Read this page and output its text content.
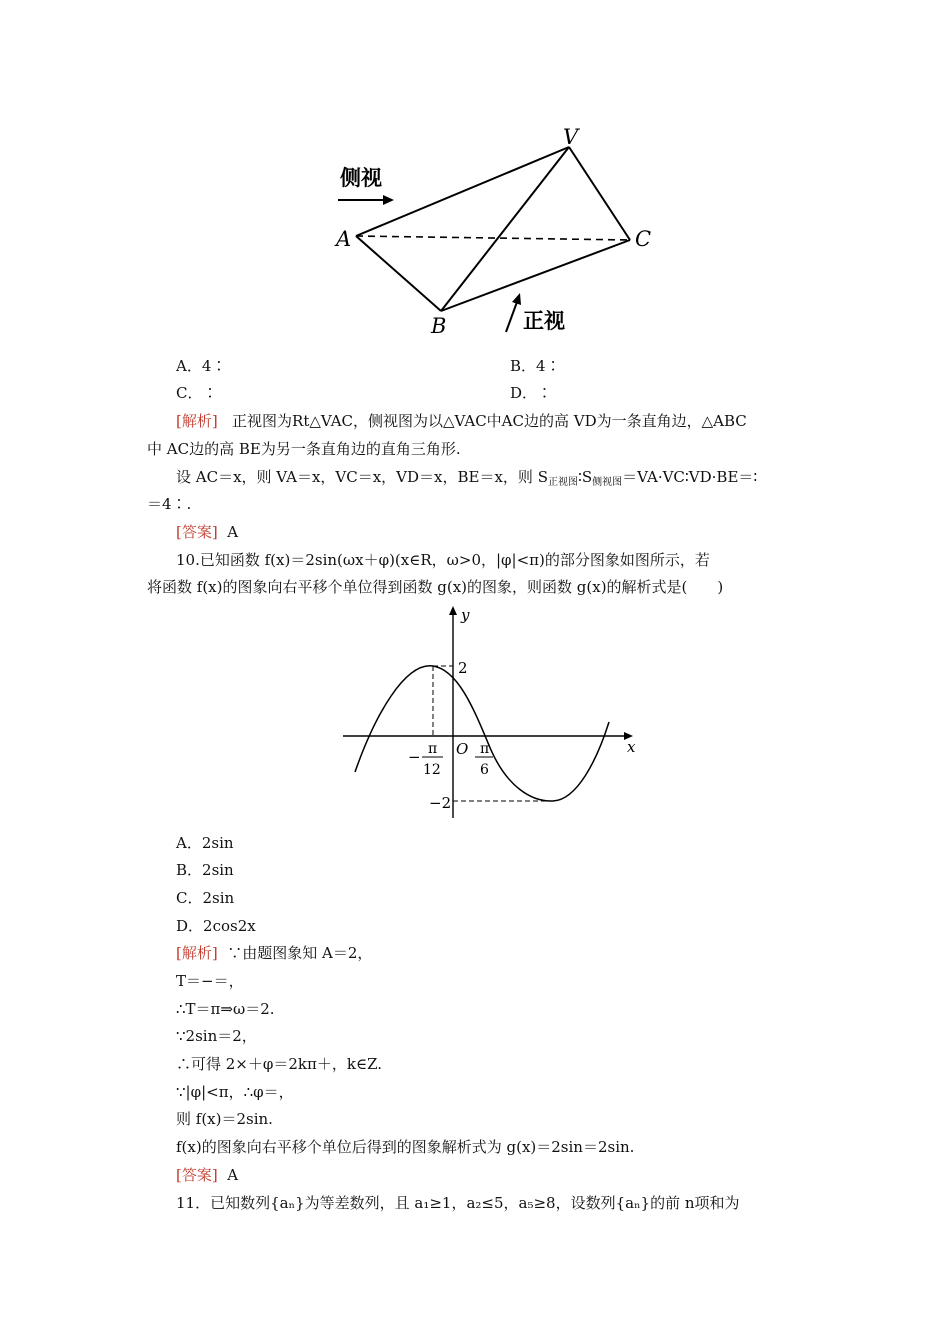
V
A
B
C
侧视
正视
A．4∶	B．4∶
C．∶	D．∶
[解析] 正视图为Rt△VAC，侧视图为以△VAC中AC边的高 VD为一条直角边，△ABC
中 AC边的高 BE为另一条直角边的直角三角形.
设 AC＝x，则 VA＝x，VC＝x，VD＝x，BE＝x，则 $S_{正视图}∶S_{侧视图}=VA\cdot VC∶VD\cdot BE=∶$
＝4∶.
[答案] A
10.已知函数 f(x)＝2sin(ωx＋φ)(x∈R，ω>0，|φ|<π)的部分图象如图所示，若
将函数 f(x)的图象向右平移个单位得到函数 g(x)的图象，则函数 g(x)的解析式是(　　)
y
x
O
2
−2
− π
12
π
6
A．2sin
B．2sin
C．2sin
D．2cos2x
[解析] ∵由题图象知 A＝2，
T＝−＝，
∴T＝π⇒ω＝2.
∵2sin＝2，
∴可得 2×＋φ＝2kπ＋，k∈Z.
∵|φ|<π，∴φ＝，
则 f(x)＝2sin.
f(x)的图象向右平移个单位后得到的图象解析式为 g(x)＝2sin＝2sin.
[答案] A
11．已知数列{aₙ}为等差数列，且 a₁≥1，a₂≤5，a₅≥8，设数列{aₙ}的前 n项和为
